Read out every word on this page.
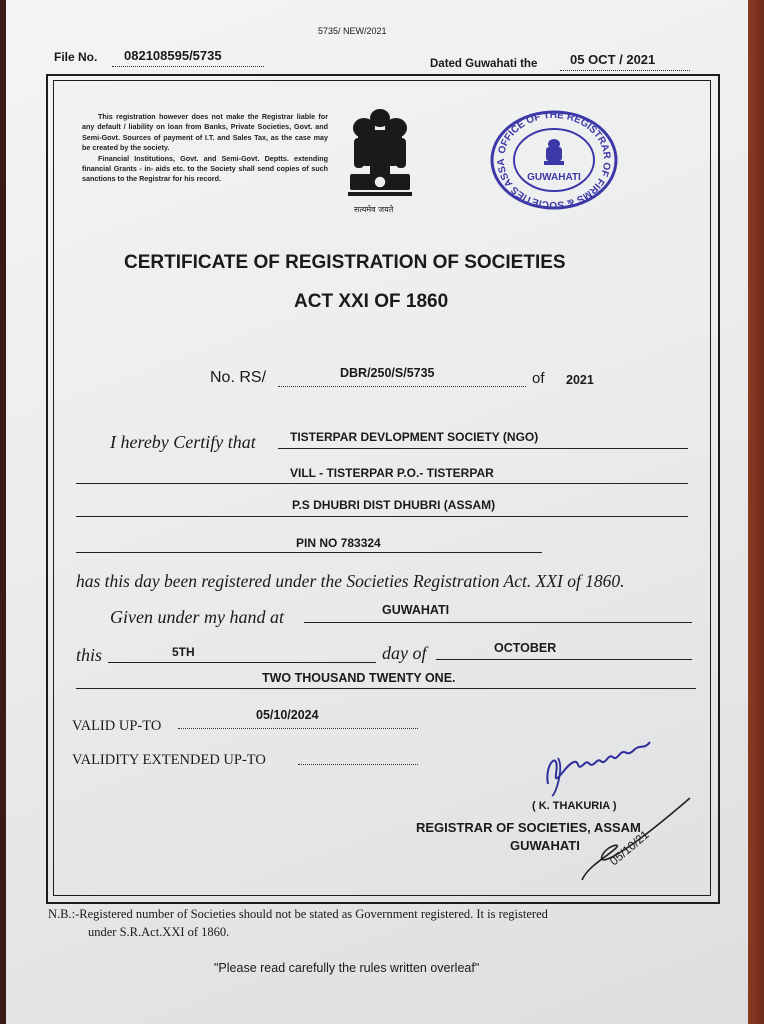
5735/ NEW/2021
File No. 082108595/5735
Dated Guwahati the	05 OCT / 2021

This registration however does not make the Registrar liable for any default / liability on loan from Banks, Private Societies, Govt. and Semi-Govt. Sources of payment of I.T. and Sales Tax, as the case may be created by the society.

Financial Institutions, Govt. and Semi-Govt. Deptts. extending financial Grants - in- aids etc. to the Society shall send copies of such sanctions to the Registrar for his record.

सत्यमेव जयते
OFFICE OF THE REGISTRAR OF FIRMS & SOCIETIES ASSA
GUWAHATI
CERTIFICATE OF REGISTRATION OF SOCIETIES
ACT XXI OF 1860
No. RS/	DBR/250/S/5735	of 2021
I hereby Certify that	TISTERPAR DEVLOPMENT SOCIETY (NGO)
VILL - TISTERPAR P.O.- TISTERPAR
P.S DHUBRI DIST DHUBRI (ASSAM)
PIN NO 783324
has this day been registered under the Societies Registration Act. XXI of 1860.
Given under my hand at	GUWAHATI
this	5TH	day of	OCTOBER
TWO THOUSAND TWENTY ONE.
VALID UP-TO
05/10/2024
VALIDITY EXTENDED UP-TO
( K. THAKURIA )
REGISTRAR OF SOCIETIES, ASSAM
GUWAHATI 05/10/21
N.B.:-Registered number of Societies should not be stated as Government registered. It is registered
under S.R.Act.XXI of 1860.
"Please read carefully the rules written overleaf"
